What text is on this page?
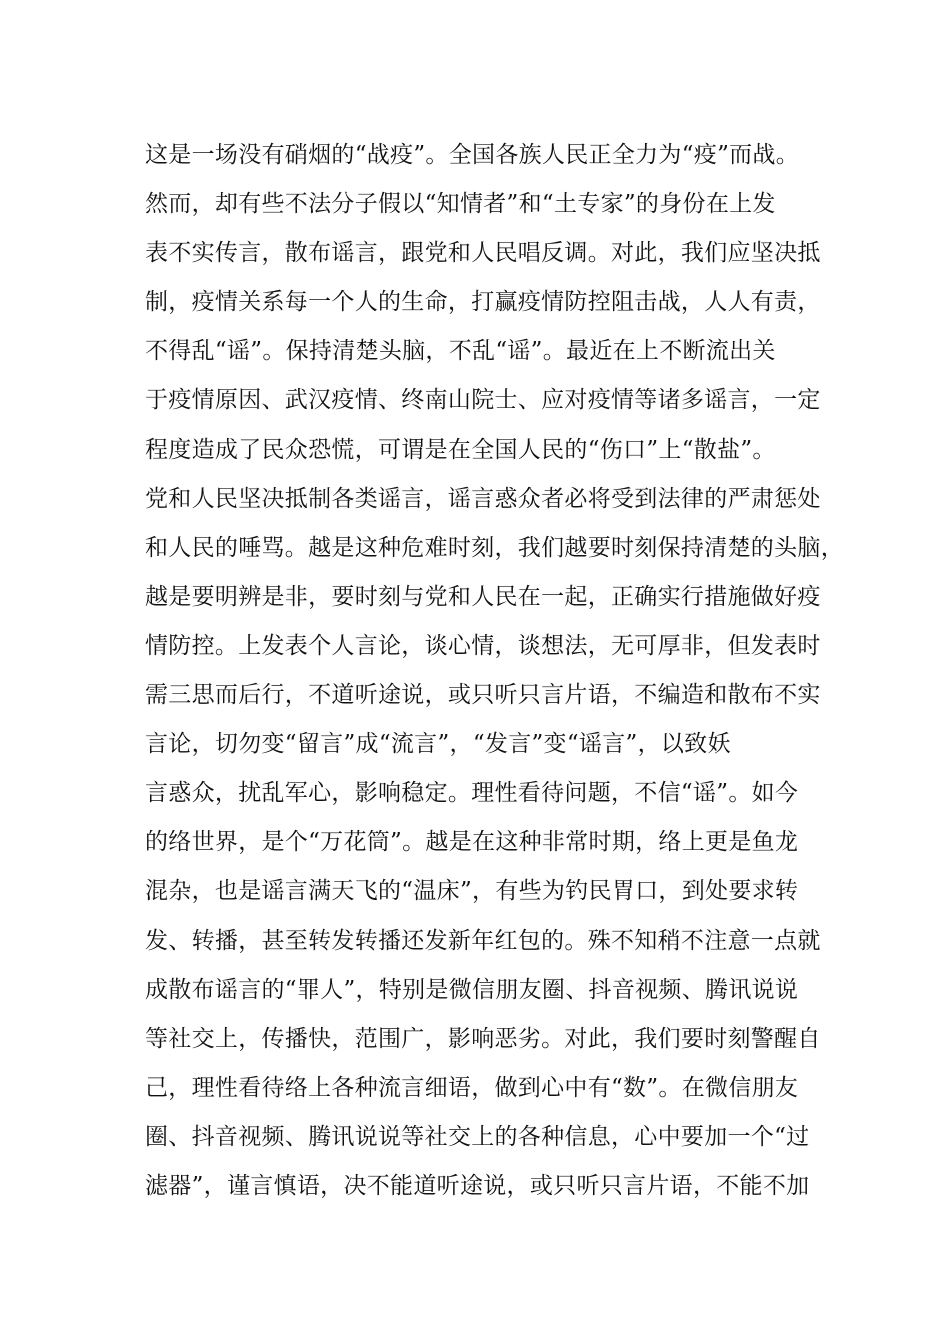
这是一场没有硝烟的“战疫”。全国各族人民正全力为“疫”而战。
然而，却有些不法分子假以“知情者”和“土专家”的身份在上发
表不实传言，散布谣言，跟党和人民唱反调。对此，我们应坚决抵
制，疫情关系每一个人的生命，打赢疫情防控阻击战，人人有责，
不得乱“谣”。保持清楚头脑，不乱“谣”。最近在上不断流出关
于疫情原因、武汉疫情、终南山院士、应对疫情等诸多谣言，一定
程度造成了民众恐慌，可谓是在全国人民的“伤口”上“散盐”。
党和人民坚决抵制各类谣言，谣言惑众者必将受到法律的严肃惩处
和人民的唾骂。越是这种危难时刻，我们越要时刻保持清楚的头脑，
越是要明辨是非，要时刻与党和人民在一起，正确实行措施做好疫
情防控。上发表个人言论，谈心情，谈想法，无可厚非，但发表时
需三思而后行，不道听途说，或只听只言片语，不编造和散布不实
言论，切勿变“留言”成“流言”，“发言”变“谣言”，以致妖
言惑众，扰乱军心，影响稳定。理性看待问题，不信“谣”。如今
的络世界，是个“万花筒”。越是在这种非常时期，络上更是鱼龙
混杂，也是谣言满天飞的“温床”，有些为钓民胃口，到处要求转
发、转播，甚至转发转播还发新年红包的。殊不知稍不注意一点就
成散布谣言的“罪人”，特别是微信朋友圈、抖音视频、腾讯说说
等社交上，传播快，范围广，影响恶劣。对此，我们要时刻警醒自
己，理性看待络上各种流言细语，做到心中有“数”。在微信朋友
圈、抖音视频、腾讯说说等社交上的各种信息，心中要加一个“过
滤器”，谨言慎语，决不能道听途说，或只听只言片语，不能不加
